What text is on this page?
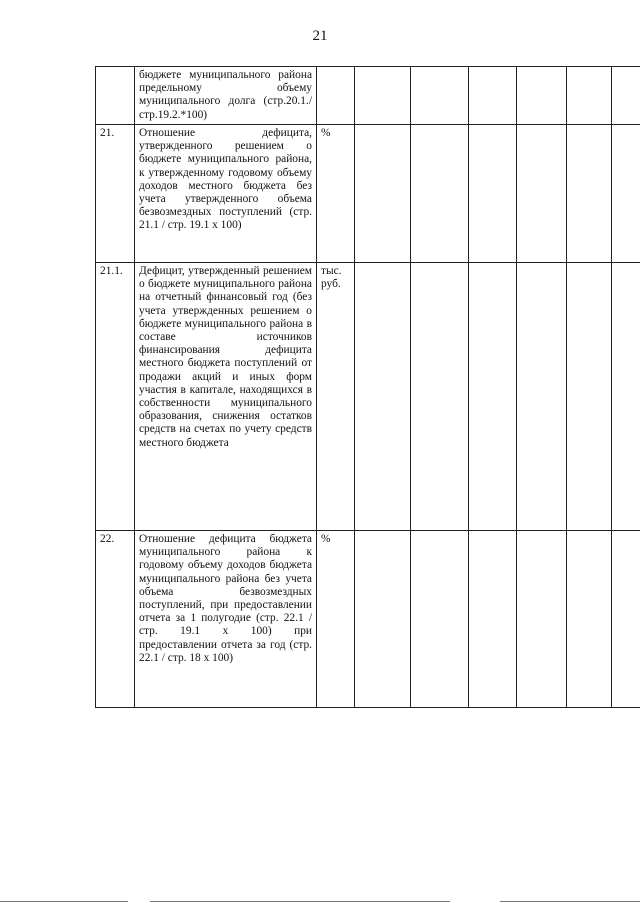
21
	бюджете муниципального района предельному объему муниципального долга (стр.20.1./стр.19.2.*100)							
21.	Отношение дефицита, утвержденного решением о бюджете муниципального района, к утвержденному годовому объему доходов местного бюджета без учета утвержденного объема безвозмездных поступлений (стр. 21.1 / стр. 19.1 x 100)	%						
21.1.	Дефицит, утвержденный решением о бюджете муниципального района на отчетный финансовый год (без учета утвержденных решением о бюджете муниципального района в составе источников финансирования дефицита местного бюджета поступлений от продажи акций и иных форм участия в капитале, находящихся в собственности муниципального образования, снижения остатков средств на счетах по учету средств местного бюджета	тыс. руб.						
22.	Отношение дефицита бюджета муниципального района к годовому объему доходов бюджета муниципального района без учета объема безвозмездных поступлений, при предоставлении отчета за 1 полугодие (стр. 22.1 / стр. 19.1 х 100) при предоставлении отчета за год (стр. 22.1 / стр. 18 х 100)	%						
